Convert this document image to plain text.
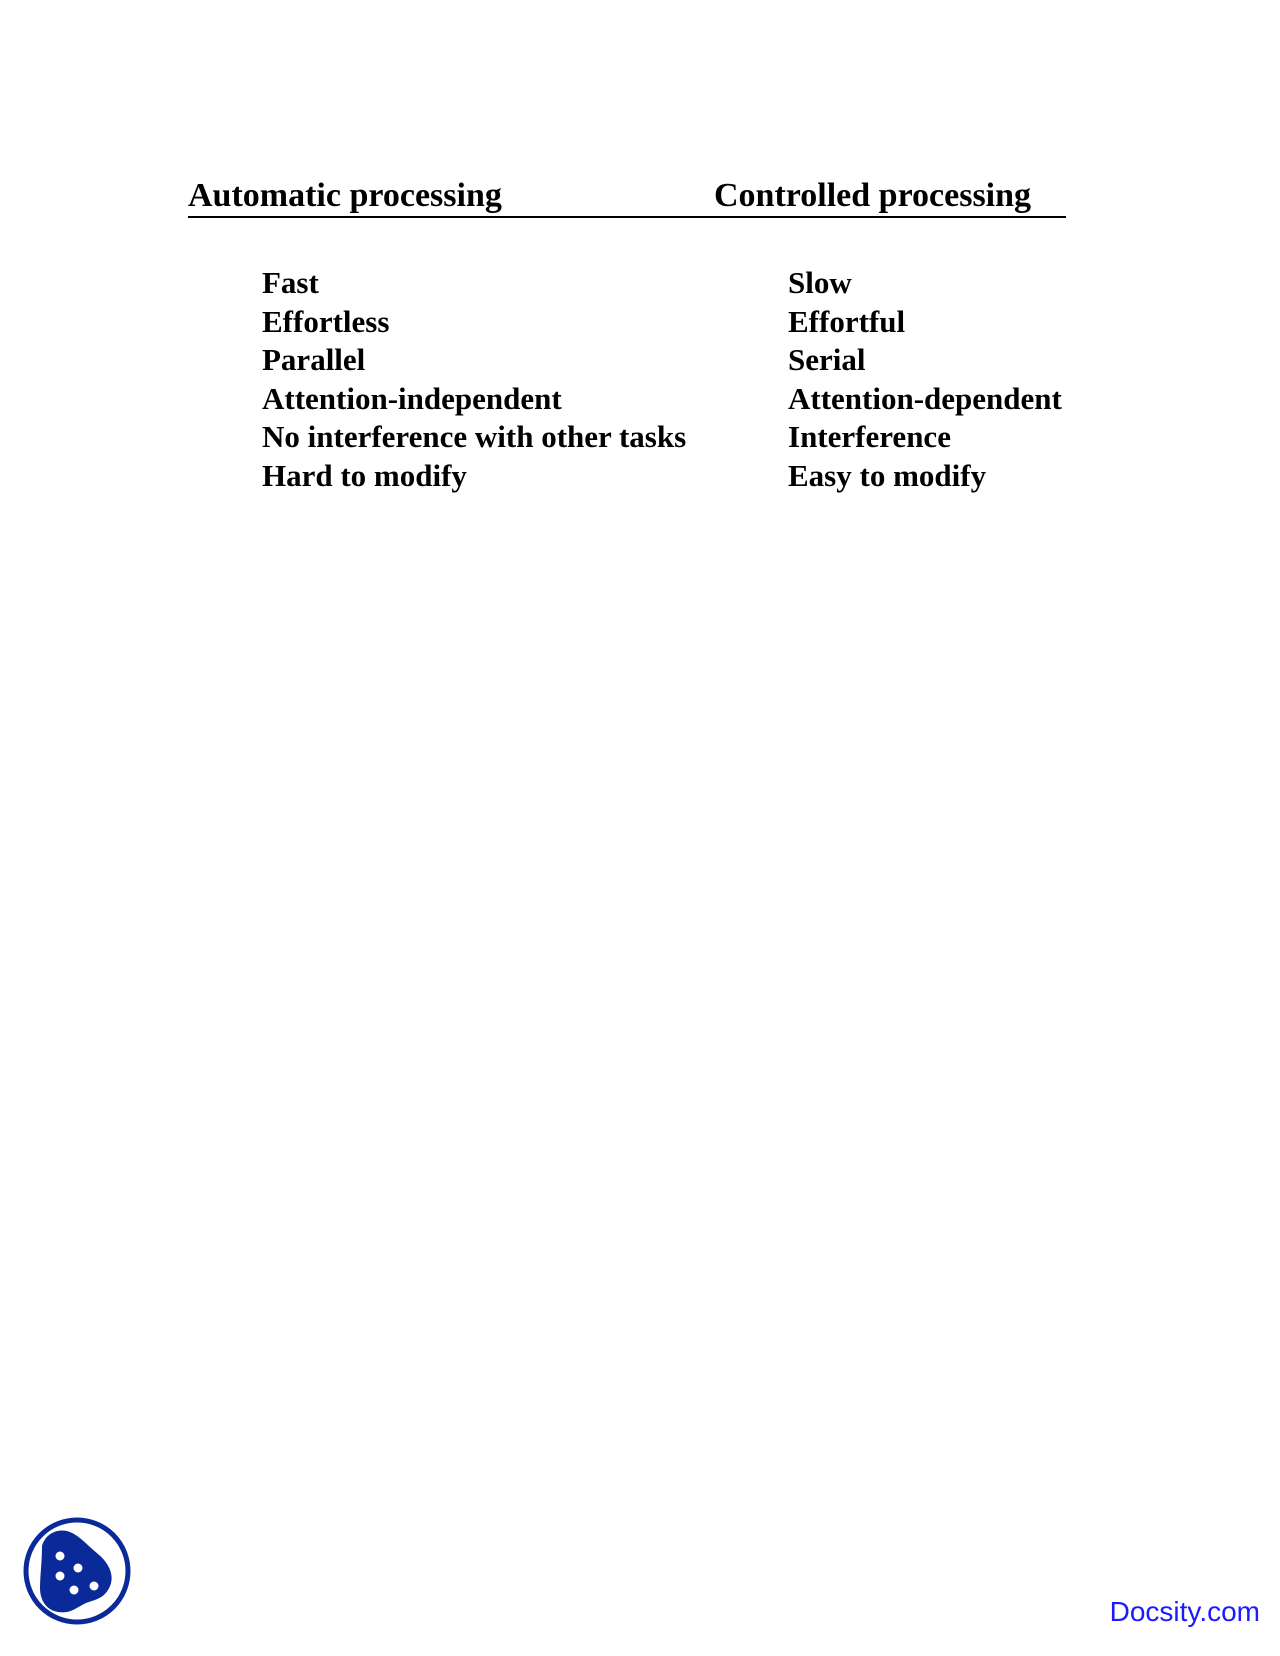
Automatic processing	Controlled processing
Fast	Slow
Effortless	Effortful
Parallel	Serial
Attention-independent	Attention-dependent
No interference with other tasks	Interference
Hard to modify	Easy to modify
Docsity.com
